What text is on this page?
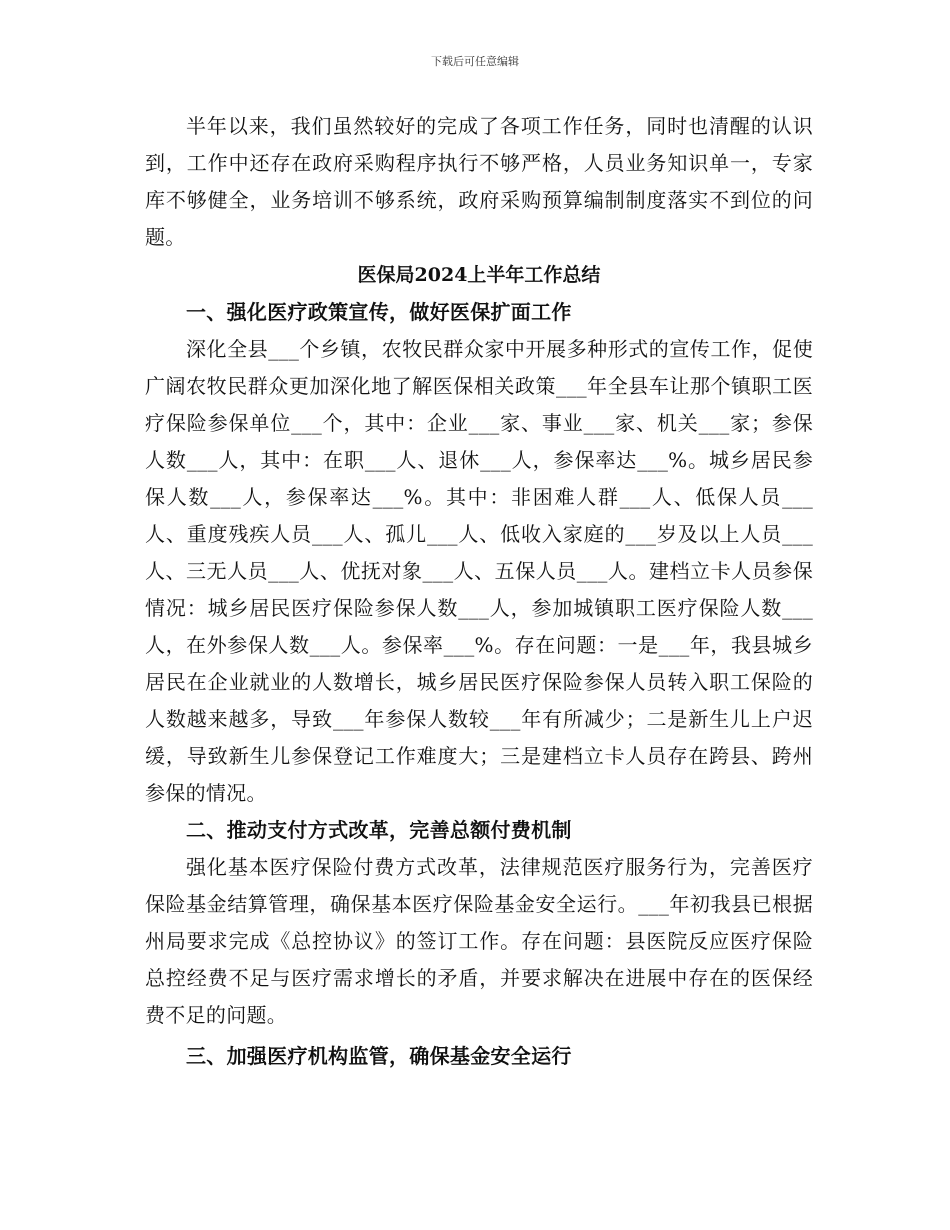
下载后可任意编辑

半年以来，我们虽然较好的完成了各项工作任务，同时也清醒的认识到，工作中还存在政府采购程序执行不够严格，人员业务知识单一，专家库不够健全，业务培训不够系统，政府采购预算编制制度落实不到位的问题。

医保局2024上半年工作总结

一、强化医疗政策宣传，做好医保扩面工作

深化全县___个乡镇，农牧民群众家中开展多种形式的宣传工作，促使广阔农牧民群众更加深化地了解医保相关政策___年全县车让那个镇职工医疗保险参保单位___个，其中：企业___家、事业___家、机关___家；参保人数___人，其中：在职___人、退休___人，参保率达___%。城乡居民参保人数___人，参保率达___%。其中：非困难人群___人、低保人员___人、重度残疾人员___人、孤儿___人、低收入家庭的___岁及以上人员___人、三无人员___人、优抚对象___人、五保人员___人。建档立卡人员参保情况：城乡居民医疗保险参保人数___人，参加城镇职工医疗保险人数___人，在外参保人数___人。参保率___%。存在问题：一是___年，我县城乡居民在企业就业的人数增长，城乡居民医疗保险参保人员转入职工保险的人数越来越多，导致___年参保人数较___年有所减少；二是新生儿上户迟缓，导致新生儿参保登记工作难度大；三是建档立卡人员存在跨县、跨州参保的情况。

二、推动支付方式改革，完善总额付费机制

强化基本医疗保险付费方式改革，法律规范医疗服务行为，完善医疗保险基金结算管理，确保基本医疗保险基金安全运行。___年初我县已根据州局要求完成《总控协议》的签订工作。存在问题：县医院反应医疗保险总控经费不足与医疗需求增长的矛盾，并要求解决在进展中存在的医保经费不足的问题。

三、加强医疗机构监管，确保基金安全运行
